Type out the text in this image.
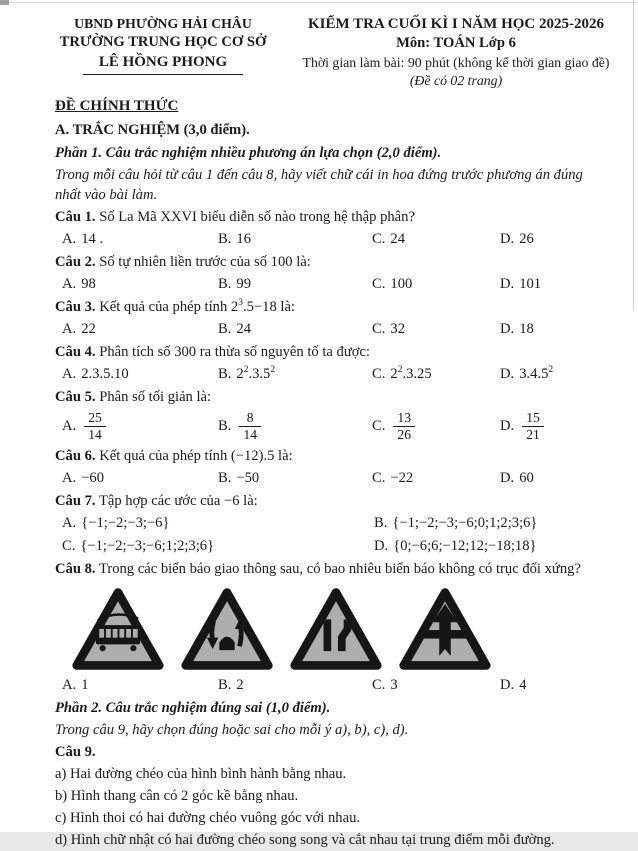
UBND PHƯỜNG HẢI CHÂU
TRƯỜNG TRUNG HỌC CƠ SỞ
LÊ HỒNG PHONG
KIỂM TRA CUỐI KÌ I NĂM HỌC 2025-2026
Môn: TOÁN Lớp 6
Thời gian làm bài: 90 phút (không kể thời gian giao đề)
(Đề có 02 trang)
ĐỀ CHÍNH THỨC
A. TRẮC NGHIỆM (3,0 điểm).
Phần 1. Câu trắc nghiệm nhiều phương án lựa chọn (2,0 điểm).
Trong mỗi câu hỏi từ câu 1 đến câu 8, hãy viết chữ cái in hoa đứng trước phương án đúng nhất vào bài làm.
Câu 1. Số La Mã XXVI biểu diễn số nào trong hệ thập phân?
A. 14 .	B. 16	C. 24	D. 26
Câu 2. Số tự nhiên liền trước của số 100 là:
A. 98	B. 99	C. 100	D. 101
Câu 3. Kết quả của phép tính $2^3.5-18$ là:
A. 22	B. 24	C. 32	D. 18
Câu 4. Phân tích số 300 ra thừa số nguyên tố ta được:
A. 2.3.5.10	B. $2^2.3.5^2$	C. $2^2.3.25$	D. 3.4.5$^2$
Câu 5. Phân số tối giản là:
A. $\frac{25}{14}$	B. $\frac{8}{14}$	C. $\frac{13}{26}$	D. $\frac{15}{21}$
Câu 6. Kết quả của phép tính (−12).5 là:
A. −60	B. −50	C. −22	D. 60
Câu 7. Tập hợp các ước của −6 là:
A. {−1;−2;−3;−6}	B. {−1;−2;−3;−6;0;1;2;3;6}
C. {−1;−2;−3;−6;1;2;3;6}	D. {0;−6;6;−12;12;−18;18}
Câu 8. Trong các biển báo giao thông sau, có bao nhiêu biển báo không có trục đối xứng?
A. 1	B. 2	C. 3	D. 4
Phần 2. Câu trắc nghiệm đúng sai (1,0 điểm).
Trong câu 9, hãy chọn đúng hoặc sai cho mỗi ý a), b), c), d).
Câu 9.
a) Hai đường chéo của hình bình hành bằng nhau.
b) Hình thang cân có 2 góc kề bằng nhau.
c) Hình thoi có hai đường chéo vuông góc với nhau.
d) Hình chữ nhật có hai đường chéo song song và cắt nhau tại trung điểm mỗi đường.
